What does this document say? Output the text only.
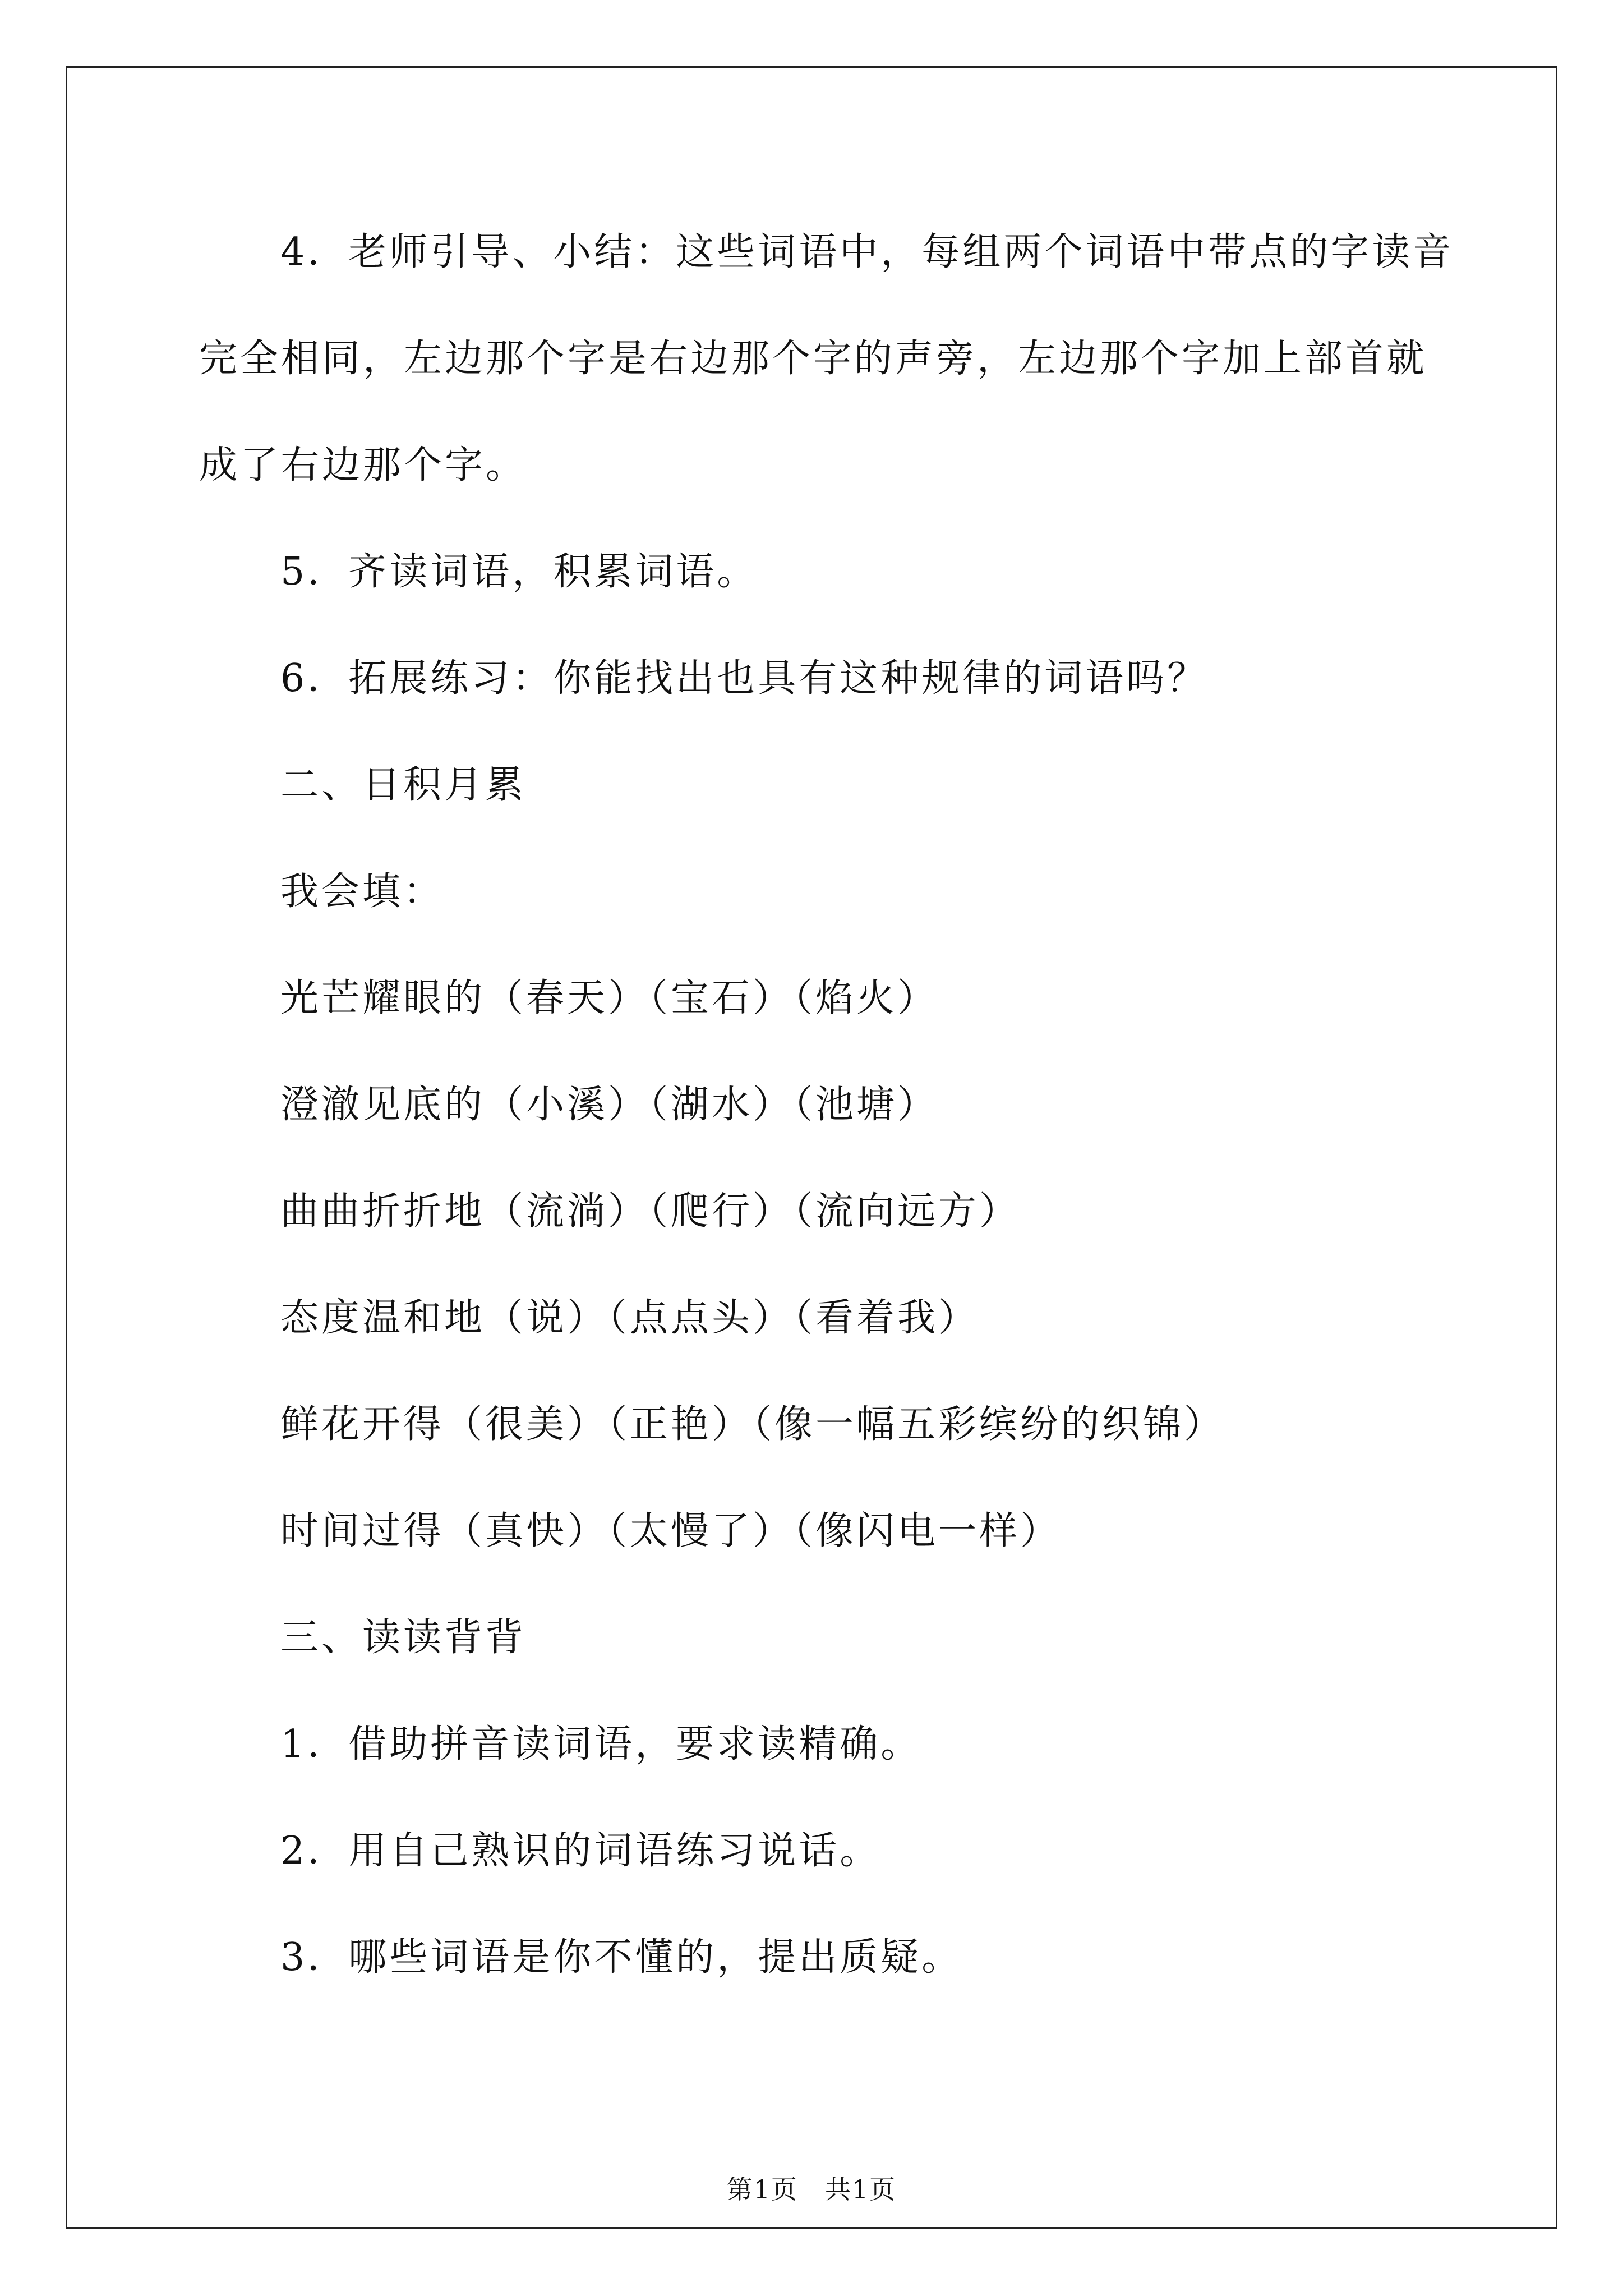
4．老师引导、小结：这些词语中，每组两个词语中带点的字读音
完全相同，左边那个字是右边那个字的声旁，左边那个字加上部首就
成了右边那个字。
5．齐读词语，积累词语。
6．拓展练习：你能找出也具有这种规律的词语吗？
二、日积月累
我会填：
光芒耀眼的（春天）（宝石）（焰火）
澄澈见底的（小溪）（湖水）（池塘）
曲曲折折地（流淌）（爬行）（流向远方）
态度温和地（说）（点点头）（看着我）
鲜花开得（很美）（正艳）（像一幅五彩缤纷的织锦）
时间过得（真快）（太慢了）（像闪电一样）
三、读读背背
1．借助拼音读词语，要求读精确。
2．用自己熟识的词语练习说话。
3．哪些词语是你不懂的，提出质疑。
第1页　共1页
